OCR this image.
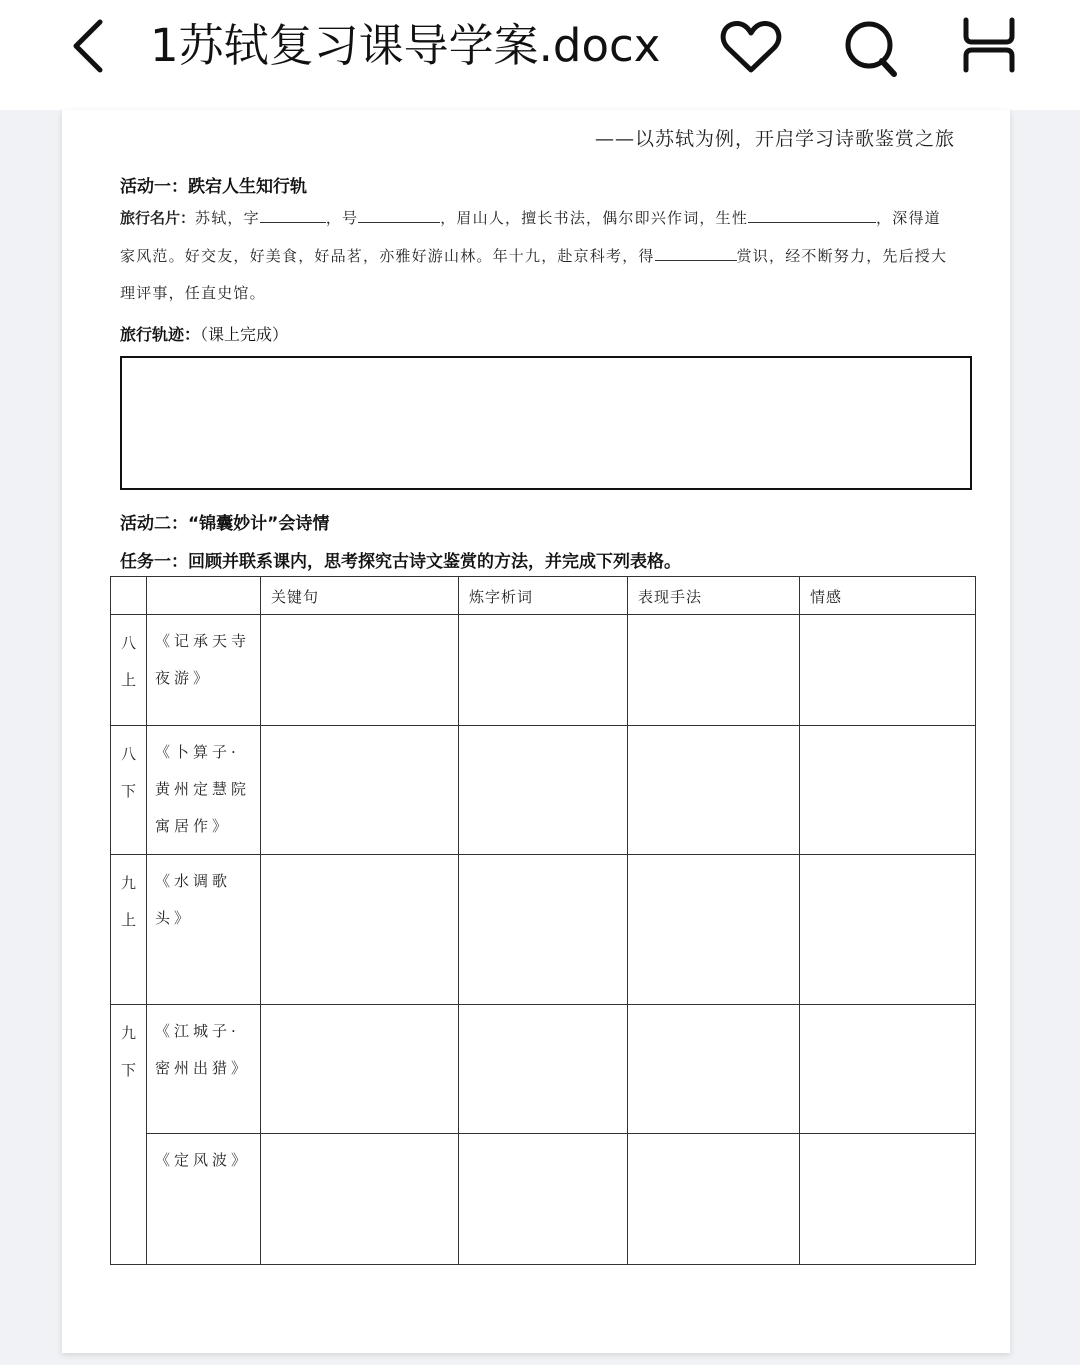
1苏轼复习课导学案.docx
——以苏轼为例，开启学习诗歌鉴赏之旅
活动一：跌宕人生知行轨
旅行名片：苏轼，字	，号	，眉山人，擅长书法，偶尔即兴作词，生性	，深得道家风范。好交友，好美食，好品茗，亦雅好游山林。年十九，赴京科考，得	赏识，经不断努力，先后授大理评事，任直史馆。
旅行轨迹：（课上完成）
活动二：“锦囊妙计”会诗情
任务一：回顾并联系课内，思考探究古诗文鉴赏的方法，并完成下列表格。
		关键句	炼字析词	表现手法	情感

八
上	《记承天寺夜游》				

八
下	《卜算子·黄州定慧院寓居作》				

九
上	《水调歌头》				

九
下	《江城子·密州出猎》				
	《定风波》				
